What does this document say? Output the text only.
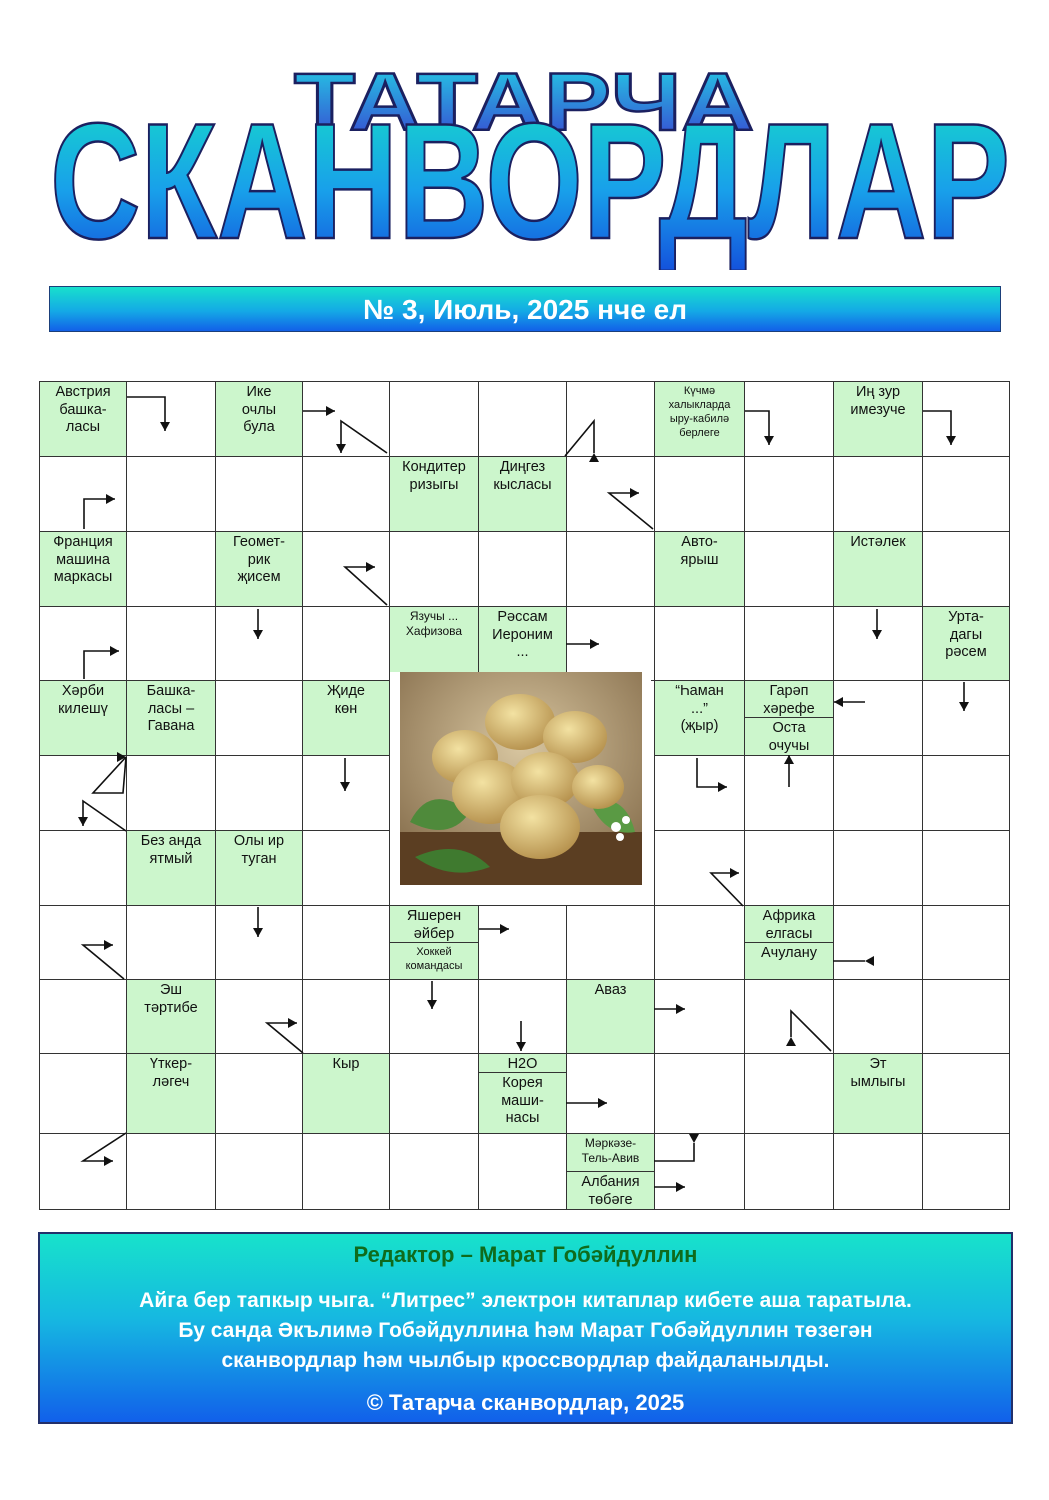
ТАТАРЧА
СКАНВОРДЛАР
№ 3, Июль, 2025 нче ел
Австрия
башка-
ласы
Ике
очлы
була
Күчмә
халыкларда
ыру-кабилә
берлеге
Иң зур
имезуче
Кондитер
ризыгы
Диңгез
кысласы
Франция
машина
маркасы
Геомет-
рик
җисем
Авто-
ярыш
Истәлек
Язучы ...
Хафизова
Рәссам
Иероним
...
Урта-
дагы
рәсем
Хәрби
килешү
Башка-
ласы –
Гавана
Җиде
көн
“Һаман
...”
(җыр)
Гарәп
хәрефе
Оста
очучы
Без анда
ятмый
Олы ир
туган
Яшерен
әйбер
Хоккей
командасы
Африка
елгасы
Ачулану
Эш
тәртибе
Аваз
Үткер-
ләгеч
Кыр	H2O
Корея
маши-
насы
Эт
ымлыгы
Мәркәзе-
Тель-Авив
Албания
төбәге
Редактор – Марат Гобәйдуллин
Айга бер тапкыр чыга. “Литрес” электрон китаплар кибете аша таратыла.
Бу санда Әкълимә Гобәйдуллина һәм Марат Гобәйдуллин төзегән
сканвордлар һәм чылбыр кроссвордлар файдаланылды.
© Татарча сканвордлар, 2025
